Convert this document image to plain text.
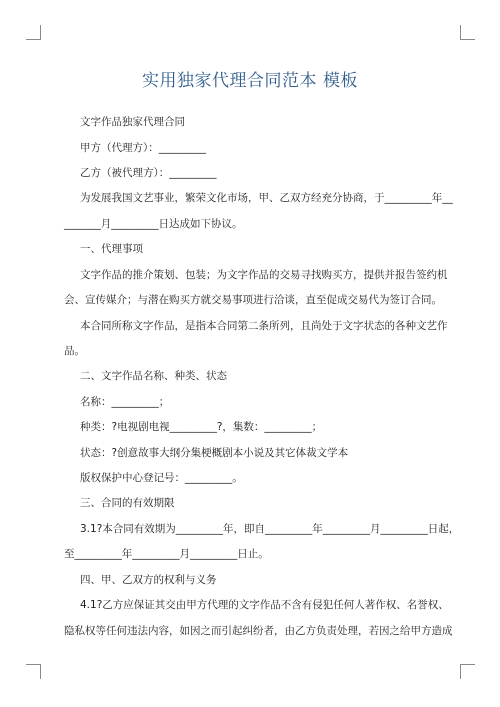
实用独家代理合同范本 模板
文字作品独家代理合同
甲方（代理方）：_________
乙方（被代理方）：_________
为发展我国文艺事业，繁荣文化市场，甲、乙双方经充分协商，于_________年__
_______月_________日达成如下协议。
一、代理事项
文字作品的推介策划、包装；为文字作品的交易寻找购买方，提供并报告签约机
会、宣传媒介；与潜在购买方就交易事项进行洽谈，直至促成交易代为签订合同。
本合同所称文字作品，是指本合同第二条所列，且尚处于文字状态的各种文艺作
品。
二、文字作品名称、种类、状态
名称：_________；
种类：?电视剧电视_________?，集数：_________；
状态：?创意故事大纲分集梗概剧本小说及其它体裁文学本
版权保护中心登记号：_________。
三、合同的有效期限
3.1?本合同有效期为_________年，即自_________年_________月_________日起，
至_________年_________月_________日止。
四、甲、乙双方的权利与义务
4.1?乙方应保证其交由甲方代理的文字作品不含有侵犯任何人著作权、名誉权、
隐私权等任何违法内容，如因之而引起纠纷者，由乙方负责处理，若因之给甲方造成
